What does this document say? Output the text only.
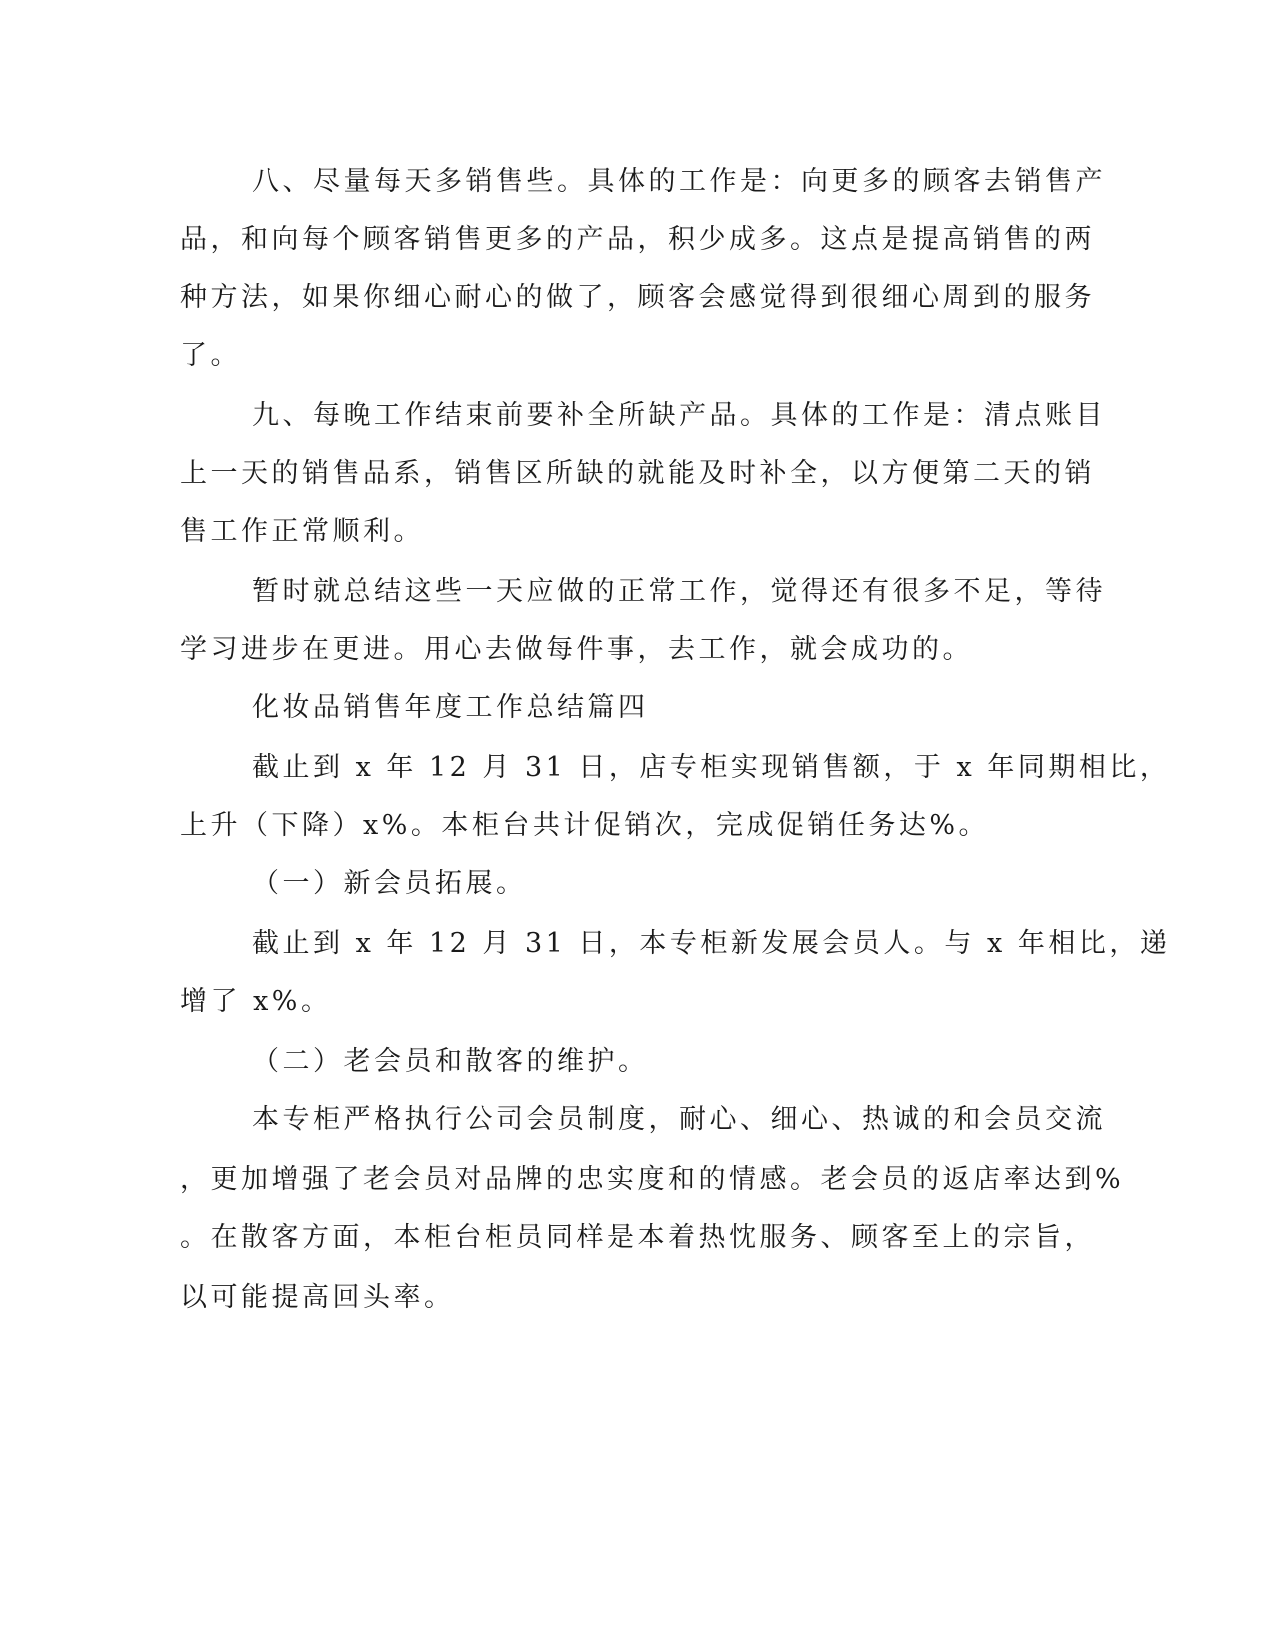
八、尽量每天多销售些。具体的工作是：向更多的顾客去销售产
品，和向每个顾客销售更多的产品，积少成多。这点是提高销售的两
种方法，如果你细心耐心的做了，顾客会感觉得到很细心周到的服务
了。
九、每晚工作结束前要补全所缺产品。具体的工作是：清点账目
上一天的销售品系，销售区所缺的就能及时补全，以方便第二天的销
售工作正常顺利。
暂时就总结这些一天应做的正常工作，觉得还有很多不足，等待
学习进步在更进。用心去做每件事，去工作，就会成功的。
化妆品销售年度工作总结篇四
截止到 x 年 12 月 31 日，店专柜实现销售额，于 x 年同期相比，
上升（下降）x%。本柜台共计促销次，完成促销任务达%。
（一）新会员拓展。
截止到 x 年 12 月 31 日，本专柜新发展会员人。与 x 年相比，递
增了 x%。
（二）老会员和散客的维护。
本专柜严格执行公司会员制度，耐心、细心、热诚的和会员交流
，更加增强了老会员对品牌的忠实度和的情感。老会员的返店率达到%
。在散客方面，本柜台柜员同样是本着热忱服务、顾客至上的宗旨，
以可能提高回头率。
